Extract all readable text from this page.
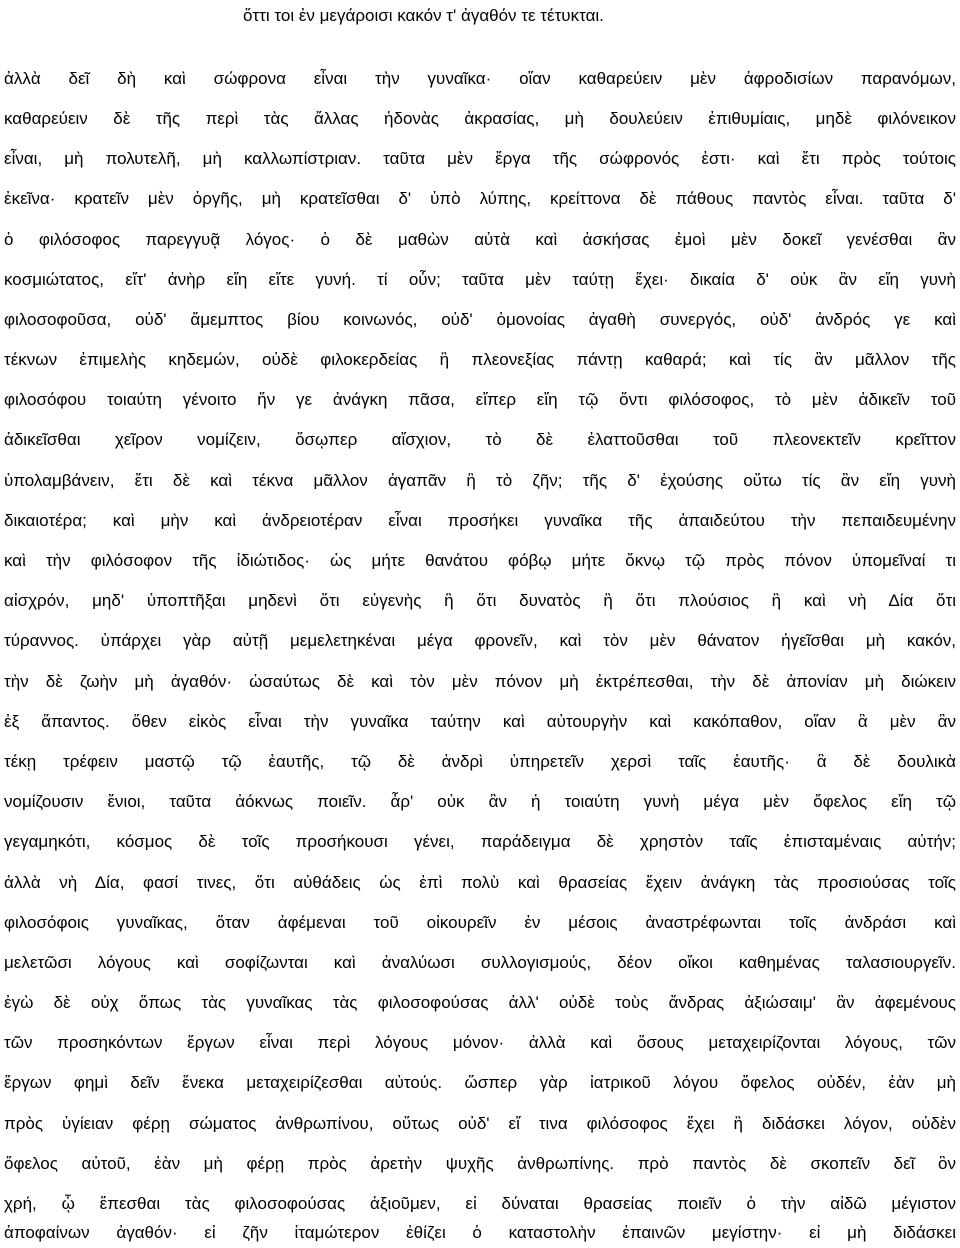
ὅττι τοι ἐν μεγάροισι κακόν τ' ἀγαθόν τε τέτυκται.
ἀλλὰ δεῖ δὴ καὶ σώφρονα εἶναι τὴν γυναῖκα· οἵαν καθαρεύειν μὲν ἀφροδισίων παρανόμων,
καθαρεύειν δὲ τῆς περὶ τὰς ἄλλας ἡδονὰς ἀκρασίας, μὴ δουλεύειν ἐπιθυμίαις, μηδὲ φιλόνεικον
εἶναι, μὴ πολυτελῆ, μὴ καλλωπίστριαν. ταῦτα μὲν ἔργα τῆς σώφρονός ἐστι· καὶ ἔτι πρὸς τούτοις
ἐκεῖνα· κρατεῖν μὲν ὀργῆς, μὴ κρατεῖσθαι δ' ὑπὸ λύπης, κρείττονα δὲ πάθους παντὸς εἶναι. ταῦτα δ'
ὁ φιλόσοφος παρεγγυᾷ λόγος· ὁ δὲ μαθὼν αὐτὰ καὶ ἀσκήσας ἐμοὶ μὲν δοκεῖ γενέσθαι ἂν
κοσμιώτατος, εἴτ' ἀνὴρ εἴη εἴτε γυνή. τί οὖν; ταῦτα μὲν ταύτῃ ἔχει· δικαία δ' οὐκ ἂν εἴη γυνὴ
φιλοσοφοῦσα, οὐδ' ἄμεμπτος βίου κοινωνός, οὐδ' ὁμονοίας ἀγαθὴ συνεργός, οὐδ' ἀνδρός γε καὶ
τέκνων ἐπιμελὴς κηδεμών, οὐδὲ φιλοκερδείας ἢ πλεονεξίας πάντῃ καθαρά; καὶ τίς ἂν μᾶλλον τῆς
φιλοσόφου τοιαύτη γένοιτο ἥν γε ἀνάγκη πᾶσα, εἴπερ εἴη τῷ ὄντι φιλόσοφος, τὸ μὲν ἀδικεῖν τοῦ
ἀδικεῖσθαι χεῖρον νομίζειν, ὅσῳπερ αἴσχιον, τὸ δὲ ἐλαττοῦσθαι τοῦ πλεονεκτεῖν κρεῖττον
ὑπολαμβάνειν, ἔτι δὲ καὶ τέκνα μᾶλλον ἀγαπᾶν ἢ τὸ ζῆν; τῆς δ' ἐχούσης οὕτω τίς ἂν εἴη γυνὴ
δικαιοτέρα; καὶ μὴν καὶ ἀνδρειοτέραν εἶναι προσήκει γυναῖκα τῆς ἀπαιδεύτου τὴν πεπαιδευμένην
καὶ τὴν φιλόσοφον τῆς ἰδιώτιδος· ὡς μήτε θανάτου φόβῳ μήτε ὄκνῳ τῷ πρὸς πόνον ὑπομεῖναί τι
αἰσχρόν, μηδ' ὑποπτῆξαι μηδενὶ ὅτι εὐγενὴς ἢ ὅτι δυνατὸς ἢ ὅτι πλούσιος ἢ καὶ νὴ Δία ὅτι
τύραννος. ὑπάρχει γὰρ αὐτῇ μεμελετηκέναι μέγα φρονεῖν, καὶ τὸν μὲν θάνατον ἡγεῖσθαι μὴ κακόν,
τὴν δὲ ζωὴν μὴ ἀγαθόν· ὡσαύτως δὲ καὶ τὸν μὲν πόνον μὴ ἐκτρέπεσθαι, τὴν δὲ ἀπονίαν μὴ διώκειν
ἐξ ἅπαντος. ὅθεν εἰκὸς εἶναι τὴν γυναῖκα ταύτην καὶ αὐτουργὴν καὶ κακόπαθον, οἵαν ἃ μὲν ἂν
τέκῃ τρέφειν μαστῷ τῷ ἑαυτῆς, τῷ δὲ ἀνδρὶ ὑπηρετεῖν χερσὶ ταῖς ἑαυτῆς· ἃ δὲ δουλικὰ
νομίζουσιν ἔνιοι, ταῦτα ἀόκνως ποιεῖν. ἆρ' οὐκ ἂν ἡ τοιαύτη γυνὴ μέγα μὲν ὄφελος εἴη τῷ
γεγαμηκότι, κόσμος δὲ τοῖς προσήκουσι γένει, παράδειγμα δὲ χρηστὸν ταῖς ἐπισταμέναις αὐτήν;
ἀλλὰ νὴ Δία, φασί τινες, ὅτι αὐθάδεις ὡς ἐπὶ πολὺ καὶ θρασείας ἔχειν ἀνάγκη τὰς προσιούσας τοῖς
φιλοσόφοις γυναῖκας, ὅταν ἀφέμεναι τοῦ οἰκουρεῖν ἐν μέσοις ἀναστρέφωνται τοῖς ἀνδράσι καὶ
μελετῶσι λόγους καὶ σοφίζωνται καὶ ἀναλύωσι συλλογισμούς, δέον οἴκοι καθημένας ταλασιουργεῖν.
ἐγὼ δὲ οὐχ ὅπως τὰς γυναῖκας τὰς φιλοσοφούσας ἀλλ' οὐδὲ τοὺς ἄνδρας ἀξιώσαιμ' ἂν ἀφεμένους
τῶν προσηκόντων ἔργων εἶναι περὶ λόγους μόνον· ἀλλὰ καὶ ὅσους μεταχειρίζονται λόγους, τῶν
ἔργων φημὶ δεῖν ἕνεκα μεταχειρίζεσθαι αὐτούς. ὥσπερ γὰρ ἰατρικοῦ λόγου ὄφελος οὐδέν, ἐὰν μὴ
πρὸς ὑγίειαν φέρῃ σώματος ἀνθρωπίνου, οὕτως οὐδ' εἴ τινα φιλόσοφος ἔχει ἢ διδάσκει λόγον, οὐδὲν
ὄφελος αὐτοῦ, ἐὰν μὴ φέρῃ πρὸς ἀρετὴν ψυχῆς ἀνθρωπίνης. πρὸ παντὸς δὲ σκοπεῖν δεῖ ὃν
χρή, ᾧ ἔπεσθαι τὰς φιλοσοφούσας ἀξιοῦμεν, εἰ δύναται θρασείας ποιεῖν ὁ τὴν αἰδῶ μέγιστον
ἀποφαίνων ἀγαθόν· εἰ ζῆν ἰταμώτερον ἐθίζει ὁ καταστολὴν ἐπαινῶν μεγίστην· εἰ μὴ διδάσκει
